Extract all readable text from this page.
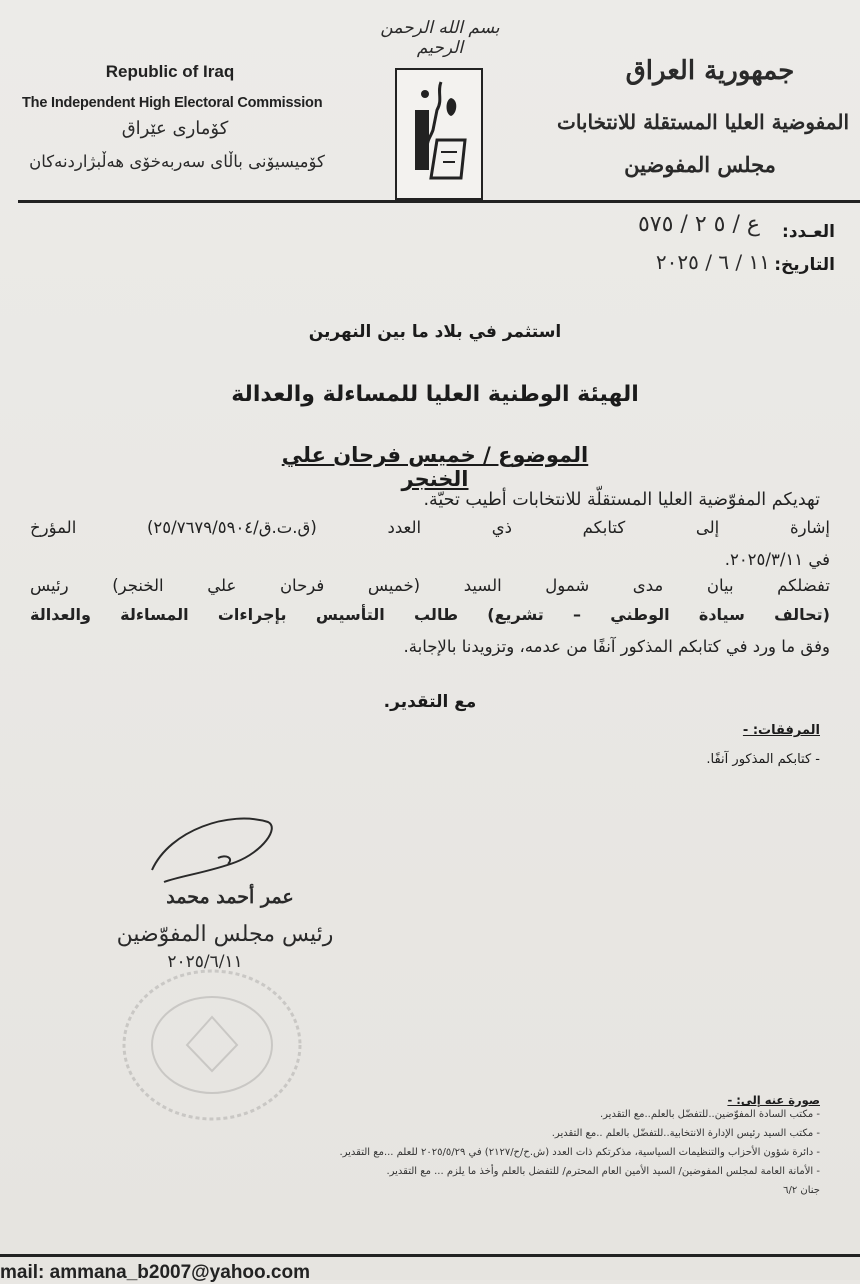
بسم الله الرحمن الرحيم
Republic of Iraq
The Independent High Electoral Commission
كۆماری عێراق
كۆمیسیۆنی باڵای سەربەخۆی هەڵبژاردنەكان
جمهورية العراق
المفوضية العليا المستقلة للانتخابات
مجلس المفوضين
العـدد:
ع / ٥ ٢ / ٥٧٥
التاريخ:
١١ / ٦ / ٢٠٢٥
استثمر في بلاد ما بين النهرين
الهيئة الوطنية العليا للمساءلة والعدالة
الموضوع / خميس فرحان علي الخنجر
تهديكم المفوّضية العليا المستقلّة للانتخابات أطيب تحيّة.
إشارة إلى كتابكم ذي العدد (ق.ت.ق/٢٥/٧٦٧٩/٥٩٠٤) المؤرخ
في ٢٠٢٥/٣/١١.
تفضلكم بيان مدى شمول السيد (خميس فرحان علي الخنجر) رئيس
(تحالف سيادة الوطني – تشريع) طالب التأسيس بإجراءات المساءلة والعدالة
وفق ما ورد في كتابكم المذكور آنفًا من عدمه، وتزويدنا بالإجابة.
مع التقدير.
المرفقات: -
- كتابكم المذكور آنفًا.
عمر أحمد محمد
رئيس مجلس المفوّضين
٢٠٢٥/٦/١١
صورة عنه إلى: -
- مكتب السادة المفوّضين..للتفضّل بالعلم..مع التقدير.
- مكتب السيد رئيس الإدارة الانتخابية..للتفضّل بالعلم ..مع التقدير.
- دائرة شؤون الأحزاب والتنظيمات السياسية، مذكرتكم ذات العدد (ش.ح/ح/٢١٢٧) في ٢٠٢٥/٥/٢٩ للعلم ...مع التقدير.
- الأمانة العامة لمجلس المفوضين/ السيد الأمين العام المحترم/ للتفضل بالعلم وأخذ ما يلزم ... مع التقدير.
جنان ٦/٢
mail: ammana_b2007@yahoo.com
